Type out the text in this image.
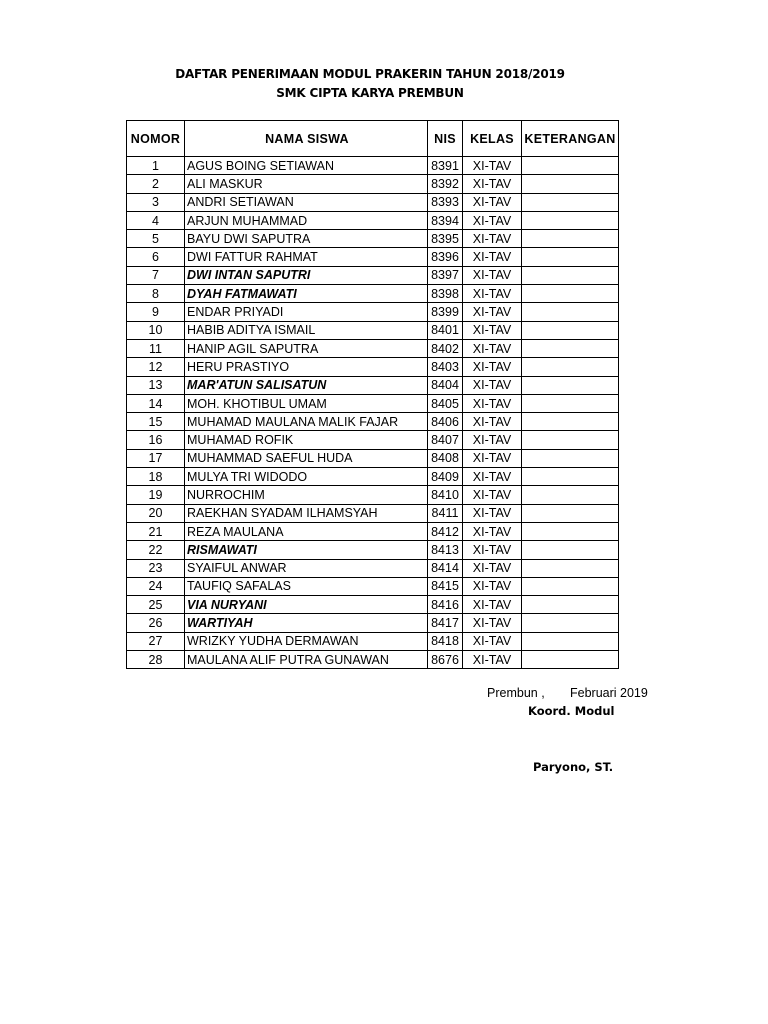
DAFTAR PENERIMAAN MODUL PRAKERIN TAHUN 2018/2019
SMK CIPTA KARYA PREMBUN
NOMOR	NAMA SISWA	NIS	KELAS	KETERANGAN
1	AGUS BOING SETIAWAN	8391	XI-TAV	
2	ALI MASKUR	8392	XI-TAV	
3	ANDRI SETIAWAN	8393	XI-TAV	
4	ARJUN MUHAMMAD	8394	XI-TAV	
5	BAYU DWI SAPUTRA	8395	XI-TAV	
6	DWI FATTUR RAHMAT	8396	XI-TAV	
7	DWI INTAN SAPUTRI	8397	XI-TAV	
8	DYAH FATMAWATI	8398	XI-TAV	
9	ENDAR PRIYADI	8399	XI-TAV	
10	HABIB ADITYA ISMAIL	8401	XI-TAV	
11	HANIP AGIL SAPUTRA	8402	XI-TAV	
12	HERU PRASTIYO	8403	XI-TAV	
13	MAR'ATUN SALISATUN	8404	XI-TAV	
14	MOH. KHOTIBUL UMAM	8405	XI-TAV	
15	MUHAMAD MAULANA MALIK FAJAR	8406	XI-TAV	
16	MUHAMAD ROFIK	8407	XI-TAV	
17	MUHAMMAD SAEFUL HUDA	8408	XI-TAV	
18	MULYA TRI WIDODO	8409	XI-TAV	
19	NURROCHIM	8410	XI-TAV	
20	RAEKHAN SYADAM ILHAMSYAH	8411	XI-TAV	
21	REZA MAULANA	8412	XI-TAV	
22	RISMAWATI	8413	XI-TAV	
23	SYAIFUL ANWAR	8414	XI-TAV	
24	TAUFIQ SAFALAS	8415	XI-TAV	
25	VIA NURYANI	8416	XI-TAV	
26	WARTIYAH	8417	XI-TAV	
27	WRIZKY YUDHA DERMAWAN	8418	XI-TAV	
28	MAULANA ALIF PUTRA GUNAWAN	8676	XI-TAV	
Prembun , Februari 2019
Koord. Modul
Paryono, ST.
